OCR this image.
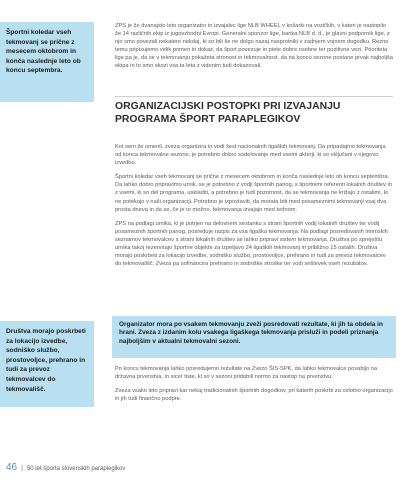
Športni koledar vseh tekmovanj se prične z mesecem oktobrom in konča naslednje leto ob koncu septembra.

ZPS je že dvanajsto leto organizator in izvajalec lige NLB WHEEL v košarki na vozičkih, v kateri je nastopilo že 14 različnih ekip iz jugovzhodni Evropi. Generalni sponzor lige, banka NLB d. d., je glavni podpornik lige, z njo smo povezali nekatere nekdaj, ki so bili še ne dolgo nazaj nasprotniki v zadnjem vojnem dogodku. Rezno temu pripisujemo velik pomen in dokaz, da šport povezuje in piete dobre osebne ter pozitivne vezi. Prioriteta lige pa je, da se v tekmovanju pokažeta stronost in tekmovalnost, da na koncu sezone postane prvak najboljša ekipa in to smo skozi vsa ta leta z videnim tudi dokazovali.

ORGANIZACIJSKI POSTOPKI PRI IZVAJANJU PROGRAMA ŠPORT PARAPLEGIKOV

Kot sem že omenil, zveza organizira in vodi šest nacionalnih ligaških tekmovanj. Da pripadajmo tekmovanja od konca tekmovalne sezone, je potrebno dobro sodelovanje med vsemi akterji, ki so vključeni v njegovo izvedbo.

Športni koledar vseh tekmovanj se prične z mesecem oktobrom in konča naslednje leto ob koncu septembra. Da lahko dobro pripravimo urnik, se je potrebno z vodji športnih panog, s športnimi referenti lokalnih društev in z vsemi, ki so del programa, uskladiti, a potrebno je tudi pozornost, da se tekmovanja ne križajo z ostalimi, ki ne potekajo v naši organizaciji. Potrebno je izpostaviti, da morata biti med posameznimi tekmovanji vsaj dva prosta dneva in da se, če je to možno, tekmovanja izvajajo med tednom.

ZPS na podlagi urnika, ki je potrjen na delovnem sestanku s strani športnih vodij lokalnih društev ter vodij posameznih športnih panog, posreduje razpis za vsa ligaška tekmovanja. Na podlagi posredovanih imenskih seznamov tekmovalcev s strani lokalnih društev se lahko pripravi sistem tekmovanja. Društva po spreještu urnika takoj rezervirajo športne objekte za izpeljavo 24 ligaških tekmovanj in približno 15 ostalih. Društva morajo poskrbeti za lokacijo izvedbe, sodniško službo, prostovoljce, prehrano in tudi za prevoz tekmovalcev do tekmovališč. Zveza pa sofinancira prehrano in sodniške stroške ter vodi seštevek vseh rezultatov.

Organizator mora po vsakem tekmovanju zveži posredovati rezultate, ki jih ta obdela in hrani. Zveza z izdanim kolu vsakega ligaškega tekmovanja prisluži in podeli priznanja najboljšim v aktualni tekmovalni sezoni.
Društva morajo poskrbeti za lokacijo izvedbe, sodniško službo, prostovoljce, prehrano in tudi za prevoz tekmovalcev do tekmovališč.

Po koncu tekmovanja lahko posredujemo rezultate na Zvezo ŠIS-SPK, da lahko tekmovalce povabijo na državna prvenstva, in sicer tiste, ki so v sezoni pridobili normo za nastop na prvenstvu.

Zveza vsako leto pripravi kar nekaj tradicionalnih športnih dogodkov, pri katerih poskrbi za celotno organizacijo in jih tudi finančno podpre.

46 | 50 let športa slovenskih paraplegikov
